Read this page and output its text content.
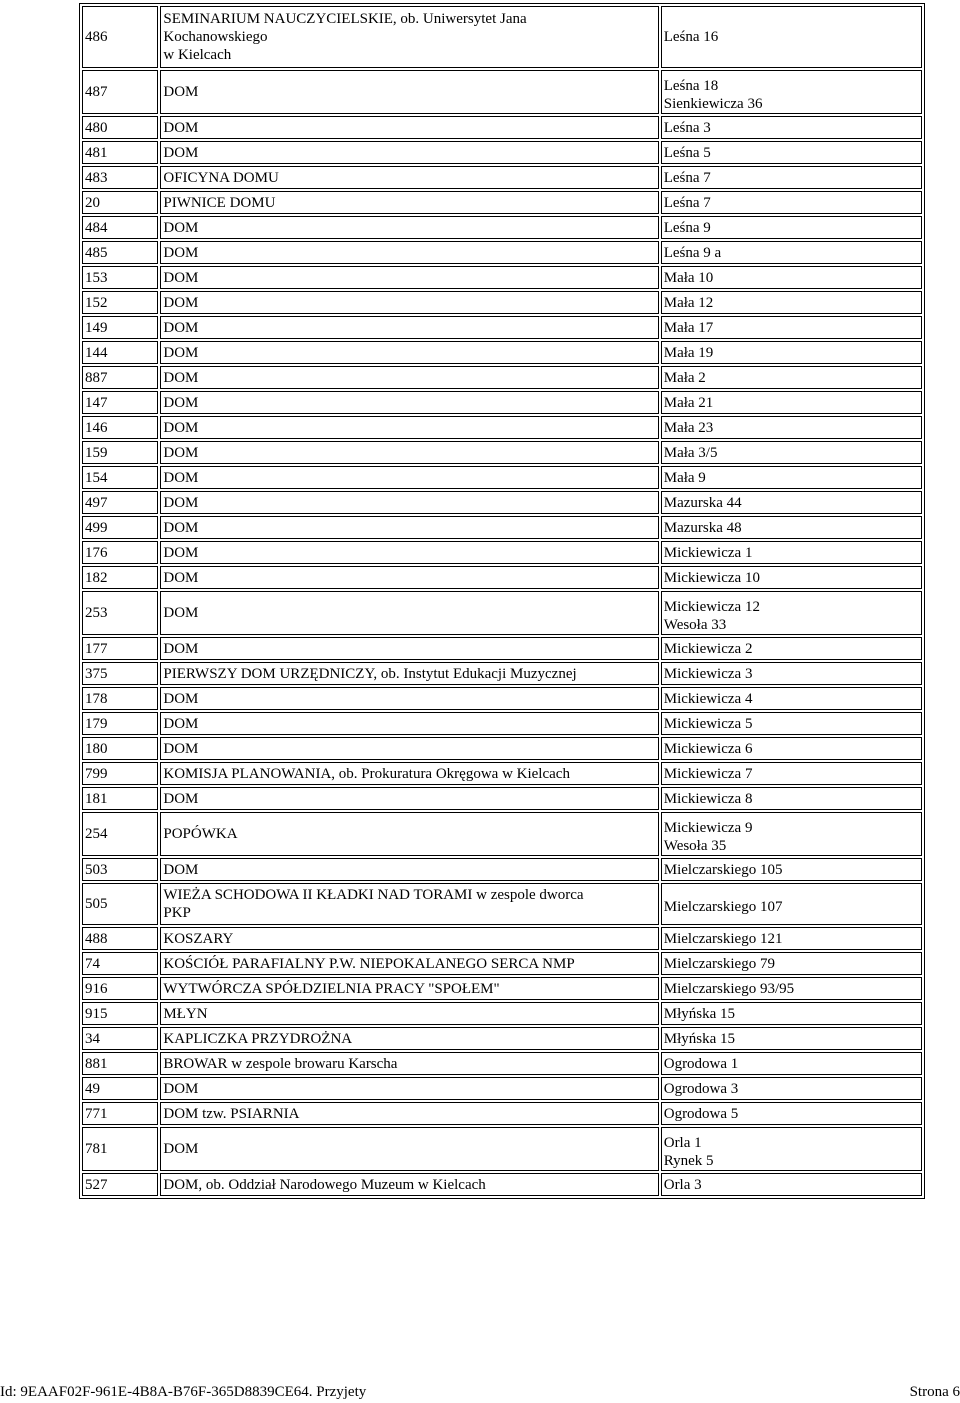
486	SEMINARIUM NAUCZYCIELSKIE, ob. Uniwersytet Jana
Kochanowskiego
w Kielcach	Leśna 16

487	DOM	Leśna 18
Sienkiewicza 36

480	DOM	Leśna 3

481	DOM	Leśna 5

483	OFICYNA DOMU	Leśna 7

20	PIWNICE DOMU	Leśna 7

484	DOM	Leśna 9

485	DOM	Leśna 9 a

153	DOM	Mała 10

152	DOM	Mała 12

149	DOM	Mała 17

144	DOM	Mała 19

887	DOM	Mała 2

147	DOM	Mała 21

146	DOM	Mała 23

159	DOM	Mała 3/5

154	DOM	Mała 9

497	DOM	Mazurska 44

499	DOM	Mazurska 48

176	DOM	Mickiewicza 1

182	DOM	Mickiewicza 10

253	DOM	Mickiewicza 12
Wesoła 33

177	DOM	Mickiewicza 2

375	PIERWSZY DOM URZĘDNICZY, ob. Instytut Edukacji Muzycznej	Mickiewicza 3

178	DOM	Mickiewicza 4

179	DOM	Mickiewicza 5

180	DOM	Mickiewicza 6

799	KOMISJA PLANOWANIA, ob. Prokuratura Okręgowa w Kielcach	Mickiewicza 7

181	DOM	Mickiewicza 8

254	POPÓWKA	Mickiewicza 9
Wesoła 35

503	DOM	Mielczarskiego 105

505	WIEŻA SCHODOWA II KŁADKI NAD TORAMI w zespole dworca
PKP	Mielczarskiego 107

488	KOSZARY	Mielczarskiego 121

74	KOŚCIÓŁ PARAFIALNY P.W. NIEPOKALANEGO SERCA NMP	Mielczarskiego 79

916	WYTWÓRCZA SPÓŁDZIELNIA PRACY "SPOŁEM"	Mielczarskiego 93/95

915	MŁYN	Młyńska 15

34	KAPLICZKA PRZYDROŻNA	Młyńska 15

881	BROWAR w zespole browaru Karscha	Ogrodowa 1

49	DOM	Ogrodowa 3

771	DOM tzw. PSIARNIA	Ogrodowa 5

781	DOM	Orla 1
Rynek 5

527	DOM, ob. Oddział Narodowego Muzeum w Kielcach	Orla 3
Id: 9EAAF02F-961E-4B8A-B76F-365D8839CE64. Przyjety	Strona 6
